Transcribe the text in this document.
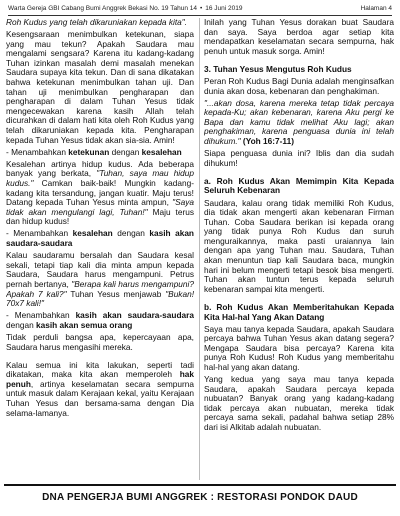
Warta Gereja GBI Cabang Bumi Anggrek Bekasi No. 19 Tahun 14 • 16 Juni 2019	Halaman 4

Roh Kudus yang telah dikaruniakan kepada kita".

Kesengsaraan menimbulkan ketekunan, siapa yang mau tekun? Apakah Saudara mau mengalami sengsara? Karena itu kadang-kadang Tuhan izinkan masalah demi masalah menekan Saudara supaya kita tekun. Dan di sana dikatakan bahwa ketekunan menimbulkan tahan uji. Dan tahan uji menimbulkan pengharapan dan pengharapan di dalam Tuhan Yesus tidak mengecewakan karena kasih Allah telah dicurahkan di dalam hati kita oleh Roh Kudus yang telah dikaruniakan kepada kita. Pengharapan kepada Tuhan Yesus tidak akan sia-sia. Amin!

- Menambahkan ketekunan dengan kesalehan

Kesalehan artinya hidup kudus. Ada beberapa banyak yang berkata, "Tuhan, saya mau hidup kudus." Camkan baik-baik! Mungkin kadang-kadang kita tersandung, jangan kuatir. Maju terus! Datang kepada Tuhan Yesus minta ampun, "Saya tidak akan mengulangi lagi, Tuhan!" Maju terus dan hidup kudus!

- Menambahkan kesalehan dengan kasih akan saudara-saudara

Kalau saudaramu bersalah dan Saudara kesal sekali, tetapi tiap kali dia minta ampun kepada Saudara, Saudara harus mengampuni. Petrus pernah bertanya, "Berapa kali harus mengampuni? Apakah 7 kali?" Tuhan Yesus menjawab "Bukan! 70x7 kali!"

- Menambahkan kasih akan saudara-saudara dengan kasih akan semua orang

Tidak perduli bangsa apa, kepercayaan apa, Saudara harus mengasihi mereka.

Kalau semua ini kita lakukan, seperti tadi dikatakan, maka kita akan memperoleh hak penuh, artinya keselamatan secara sempurna untuk masuk dalam Kerajaan kekal, yaitu Kerajaan Tuhan Yesus dan bersama-sama dengan Dia selama-lamanya.

Inilah yang Tuhan Yesus dorakan buat Saudara dan saya. Saya berdoa agar setiap kita mendapatkan keselamatan secara sempurna, hak penuh untuk masuk sorga. Amin!

3. Tuhan Yesus Mengutus Roh Kudus

Peran Roh Kudus Bagi Dunia adalah menginsafkan dunia akan dosa, kebenaran dan penghakiman.

"...akan dosa, karena mereka tetap tidak percaya kepada-Ku; akan kebenaran, karena Aku pergi ke Bapa dan kamu tidak melihat Aku lagi; akan penghakiman, karena penguasa dunia ini telah dihukum." (Yoh 16:7-11)

Siapa penguasa dunia ini? Iblis dan dia sudah dihukum!

a. Roh Kudus Akan Memimpin Kita Kepada Seluruh Kebenaran

Saudara, kalau orang tidak memiliki Roh Kudus, dia tidak akan mengerti akan kebenaran Firman Tuhan. Coba Saudara berikan isi kepada orang yang tidak punya Roh Kudus dan suruh menguraikannya, maka pasti uraiannya lain dengan apa yang Tuhan mau. Saudara, Tuhan akan menuntun tiap kali Saudara baca, mungkin hari ini belum mengerti tetapi besok bisa mengerti. Tuhan akan tuntun terus kepada seluruh kebenaran sampai kita mengerti.

b. Roh Kudus Akan Memberitahukan Kepada Kita Hal-hal Yang Akan Datang

Saya mau tanya kepada Saudara, apakah Saudara percaya bahwa Tuhan Yesus akan datang segera? Mengapa Saudara bisa percaya? Karena kita punya Roh Kudus! Roh Kudus yang memberitahu hal-hal yang akan datang.

Yang kedua yang saya mau tanya kepada Saudara, apakah Saudara percaya kepada nubuatan? Banyak orang yang kadang-kadang tidak percaya akan nubuatan, mereka tidak percaya sama sekali, padahal bahwa setiap 28% dari isi Alkitab adalah nubuatan.

DNA PENGERJA BUMI ANGGREK : RESTORASI PONDOK DAUD
